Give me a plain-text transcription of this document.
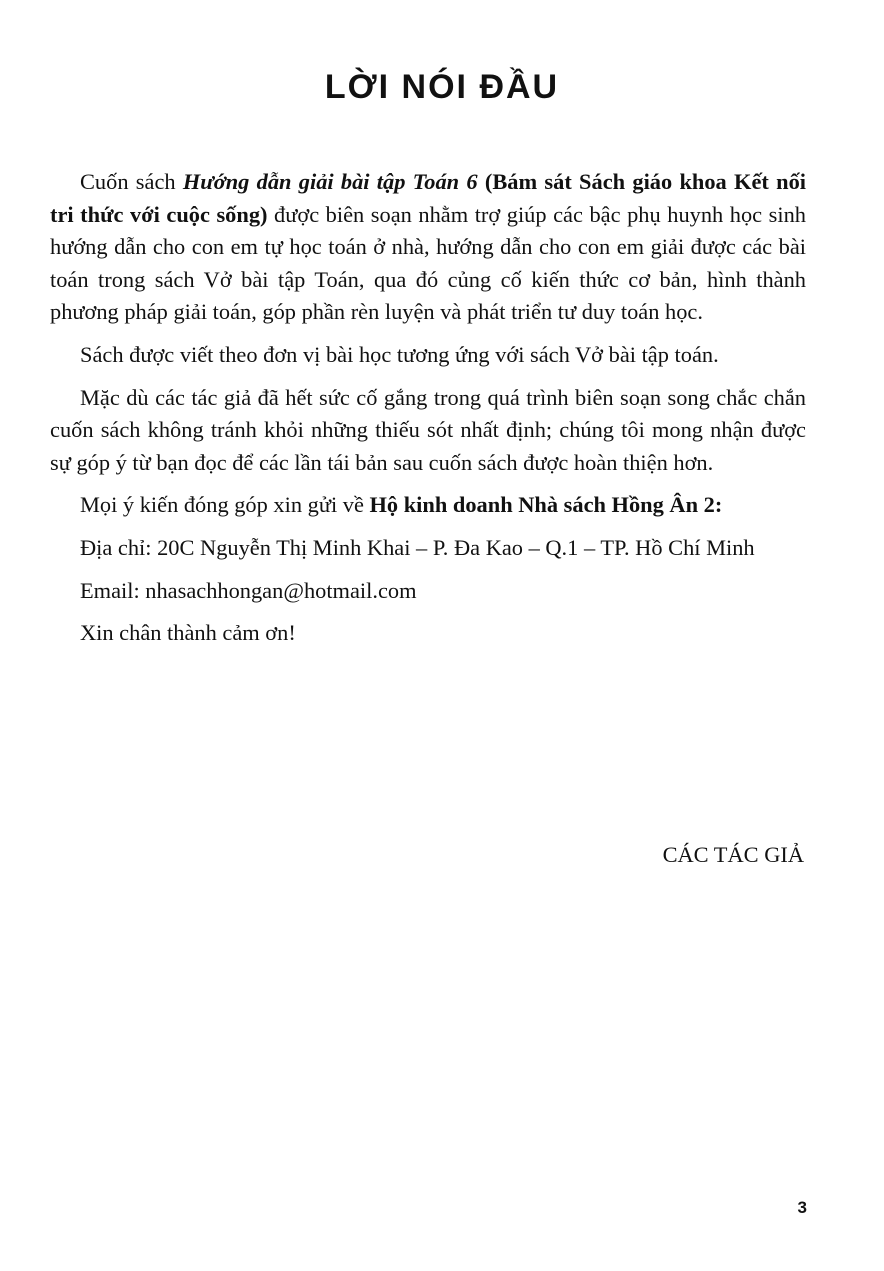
LỜI NÓI ĐẦU

Cuốn sách Hướng dẫn giải bài tập Toán 6 (Bám sát Sách giáo khoa Kết nối tri thức với cuộc sống) được biên soạn nhằm trợ giúp các bậc phụ huynh học sinh hướng dẫn cho con em tự học toán ở nhà, hướng dẫn cho con em giải được các bài toán trong sách Vở bài tập Toán, qua đó củng cố kiến thức cơ bản, hình thành phương pháp giải toán, góp phần rèn luyện và phát triển tư duy toán học.

Sách được viết theo đơn vị bài học tương ứng với sách Vở bài tập toán.

Mặc dù các tác giả đã hết sức cố gắng trong quá trình biên soạn song chắc chắn cuốn sách không tránh khỏi những thiếu sót nhất định; chúng tôi mong nhận được sự góp ý từ bạn đọc để các lần tái bản sau cuốn sách được hoàn thiện hơn.

Mọi ý kiến đóng góp xin gửi về Hộ kinh doanh Nhà sách Hồng Ân 2:

Địa chỉ: 20C Nguyễn Thị Minh Khai – P. Đa Kao – Q.1 – TP. Hồ Chí Minh

Email: nhasachhongan@hotmail.com

Xin chân thành cảm ơn!

CÁC TÁC GIẢ
3
